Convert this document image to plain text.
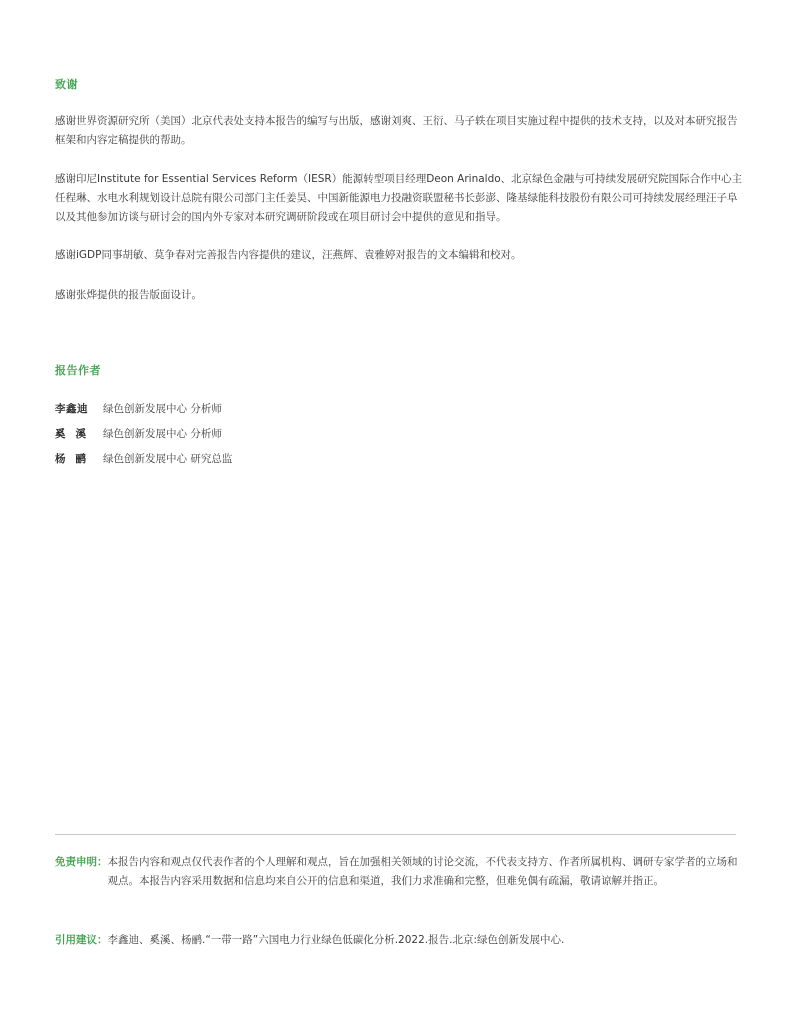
致谢

感谢世界资源研究所（美国）北京代表处支持本报告的编写与出版，感谢刘爽、王衍、马子轶在项目实施过程中提供的技术支持，以及对本研究报告框架和内容定稿提供的帮助。

感谢印尼Institute for Essential Services Reform（IESR）能源转型项目经理Deon Arinaldo、北京绿色金融与可持续发展研究院国际合作中心主任程琳、水电水利规划设计总院有限公司部门主任姜昊、中国新能源电力投融资联盟秘书长彭澎、隆基绿能科技股份有限公司可持续发展经理汪子阜以及其他参加访谈与研讨会的国内外专家对本研究调研阶段或在项目研讨会中提供的意见和指导。

感谢iGDP同事胡敏、莫争春对完善报告内容提供的建议，汪燕辉、袁雅婷对报告的文本编辑和校对。

感谢张烨提供的报告版面设计。

报告作者
李鑫迪	绿色创新发展中心 分析师
奚溪 绿色创新发展中心 分析师
杨鹂 绿色创新发展中心 研究总监
免责申明： 本报告内容和观点仅代表作者的个人理解和观点，旨在加强相关领域的讨论交流，不代表支持方、作者所属机构、调研专家学者的立场和观点。本报告内容采用数据和信息均来自公开的信息和渠道，我们力求准确和完整，但难免偶有疏漏，敬请谅解并指正。
引用建议： 李鑫迪、奚溪、杨鹂.“一带一路”六国电力行业绿色低碳化分析.2022.报告.北京:绿色创新发展中心.
